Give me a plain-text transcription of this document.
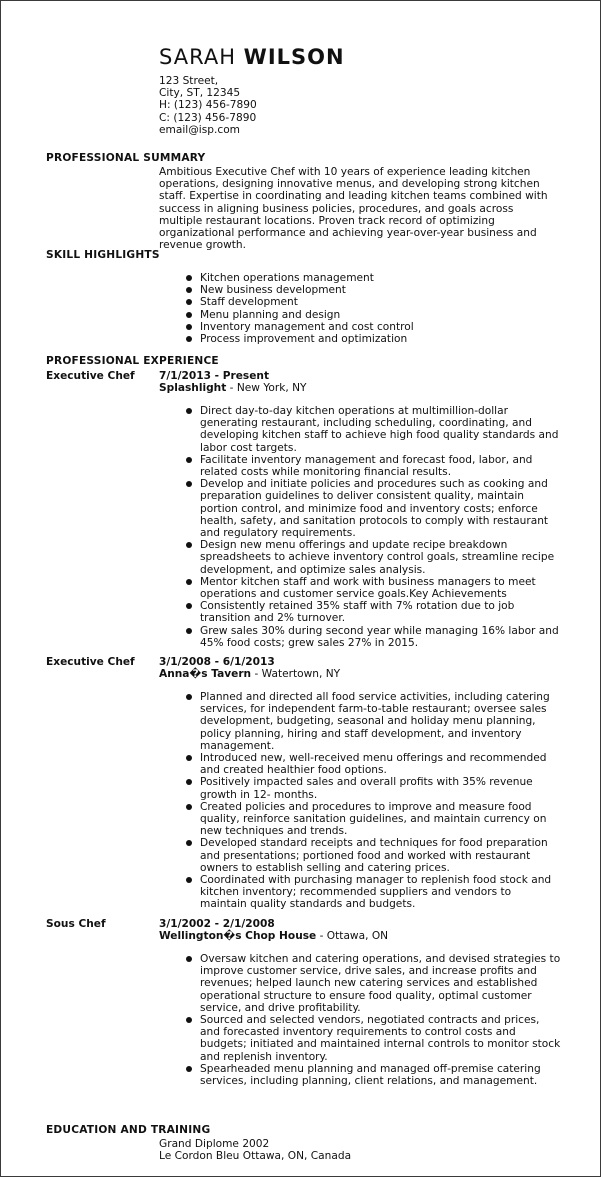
SARAH WILSON
123 Street,
City, ST, 12345
H: (123) 456-7890
C: (123) 456-7890
email@isp.com
PROFESSIONAL SUMMARY
Ambitious Executive Chef with 10 years of experience leading kitchen operations, designing innovative menus, and developing strong kitchen staff. Expertise in coordinating and leading kitchen teams combined with success in aligning business policies, procedures, and goals across multiple restaurant locations. Proven track record of optimizing organizational performance and achieving year-over-year business and revenue growth.
SKILL HIGHLIGHTS
Kitchen operations management
New business development
Staff development
Menu planning and design
Inventory management and cost control
Process improvement and optimization
PROFESSIONAL EXPERIENCE
Executive Chef 7/1/2013 - Present
Splashlight - New York, NY
Direct day-to-day kitchen operations at multimillion-dollar generating restaurant, including scheduling, coordinating, and developing kitchen staff to achieve high food quality standards and labor cost targets.
Facilitate inventory management and forecast food, labor, and related costs while monitoring financial results.
Develop and initiate policies and procedures such as cooking and preparation guidelines to deliver consistent quality, maintain portion control, and minimize food and inventory costs; enforce health, safety, and sanitation protocols to comply with restaurant and regulatory requirements.
Design new menu offerings and update recipe breakdown spreadsheets to achieve inventory control goals, streamline recipe development, and optimize sales analysis.
Mentor kitchen staff and work with business managers to meet operations and customer service goals.Key Achievements
Consistently retained 35% staff with 7% rotation due to job transition and 2% turnover.
Grew sales 30% during second year while managing 16% labor and 45% food costs; grew sales 27% in 2015.
Executive Chef 3/1/2008 - 6/1/2013
Anna�s Tavern - Watertown, NY
Planned and directed all food service activities, including catering services, for independent farm-to-table restaurant; oversee sales development, budgeting, seasonal and holiday menu planning, policy planning, hiring and staff development, and inventory management.
Introduced new, well-received menu offerings and recommended and created healthier food options.
Positively impacted sales and overall profits with 35% revenue growth in 12- months.
Created policies and procedures to improve and measure food quality, reinforce sanitation guidelines, and maintain currency on new techniques and trends.
Developed standard receipts and techniques for food preparation and presentations; portioned food and worked with restaurant owners to establish selling and catering prices.
Coordinated with purchasing manager to replenish food stock and kitchen inventory; recommended suppliers and vendors to maintain quality standards and budgets.
Sous Chef	3/1/2002 - 2/1/2008
Wellington�s Chop House - Ottawa, ON
Oversaw kitchen and catering operations, and devised strategies to improve customer service, drive sales, and increase profits and revenues; helped launch new catering services and established operational structure to ensure food quality, optimal customer service, and drive profitability.
Sourced and selected vendors, negotiated contracts and prices, and forecasted inventory requirements to control costs and budgets; initiated and maintained internal controls to monitor stock and replenish inventory.
Spearheaded menu planning and managed off-premise catering services, including planning, client relations, and management.
EDUCATION AND TRAINING
Grand Diplome 2002
Le Cordon Bleu Ottawa, ON, Canada
